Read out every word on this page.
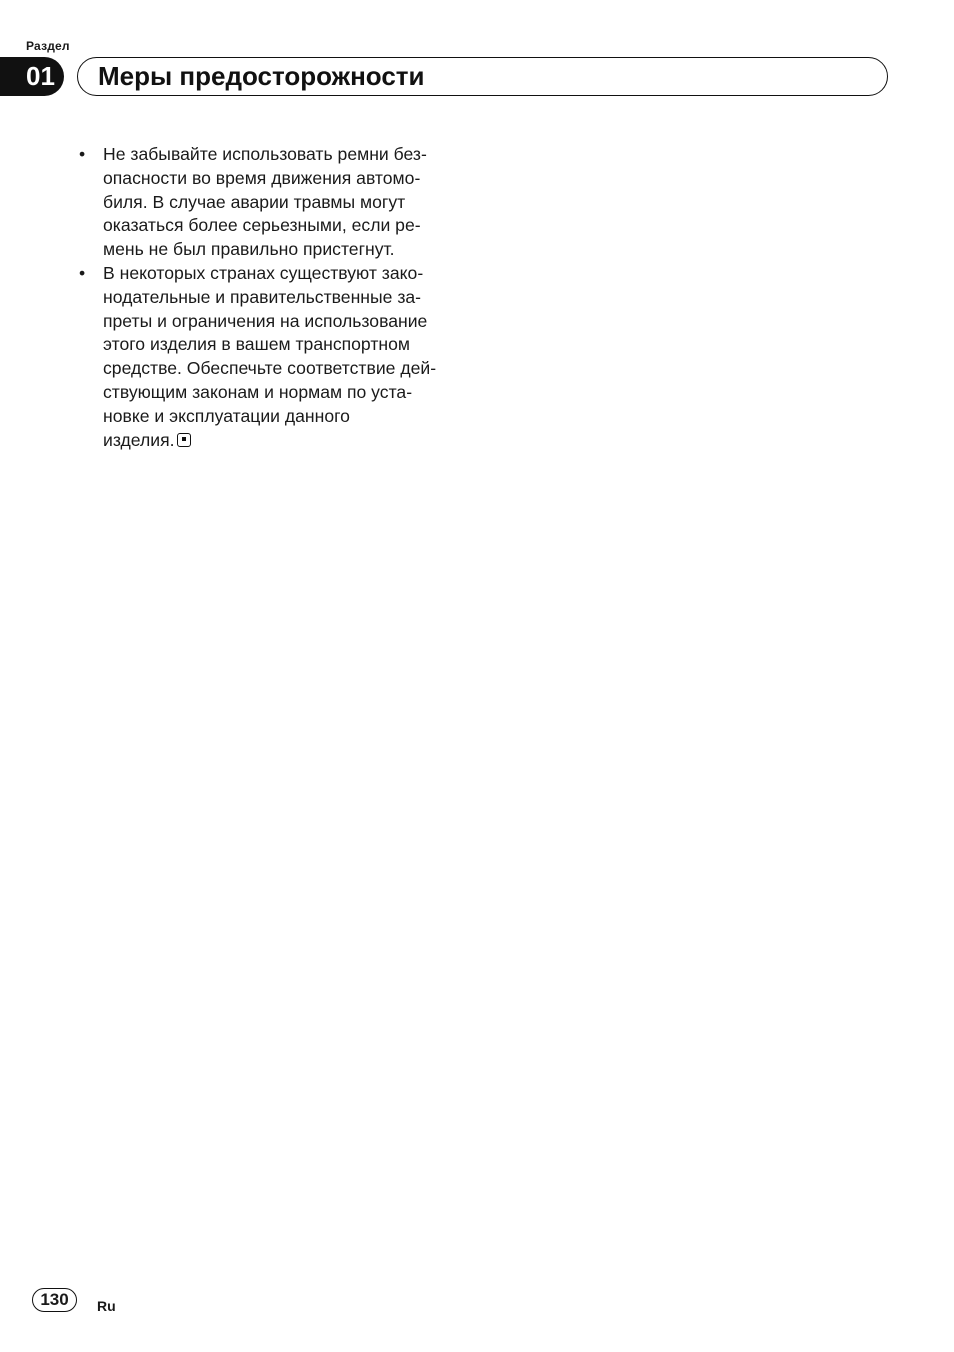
Раздел
01	Меры предосторожности
• Не забывайте использовать ремни без-
опасности во время движения автомо-
биля. В случае аварии травмы могут
оказаться более серьезными, если ре-
мень не был правильно пристегнут.
• В некоторых странах существуют зако-
нодательные и правительственные за-
преты и ограничения на использование
этого изделия в вашем транспортном
средстве. Обеспечьте соответствие дей-
ствующим законам и нормам по уста-
новке и эксплуатации данного
изделия.
130	Ru
